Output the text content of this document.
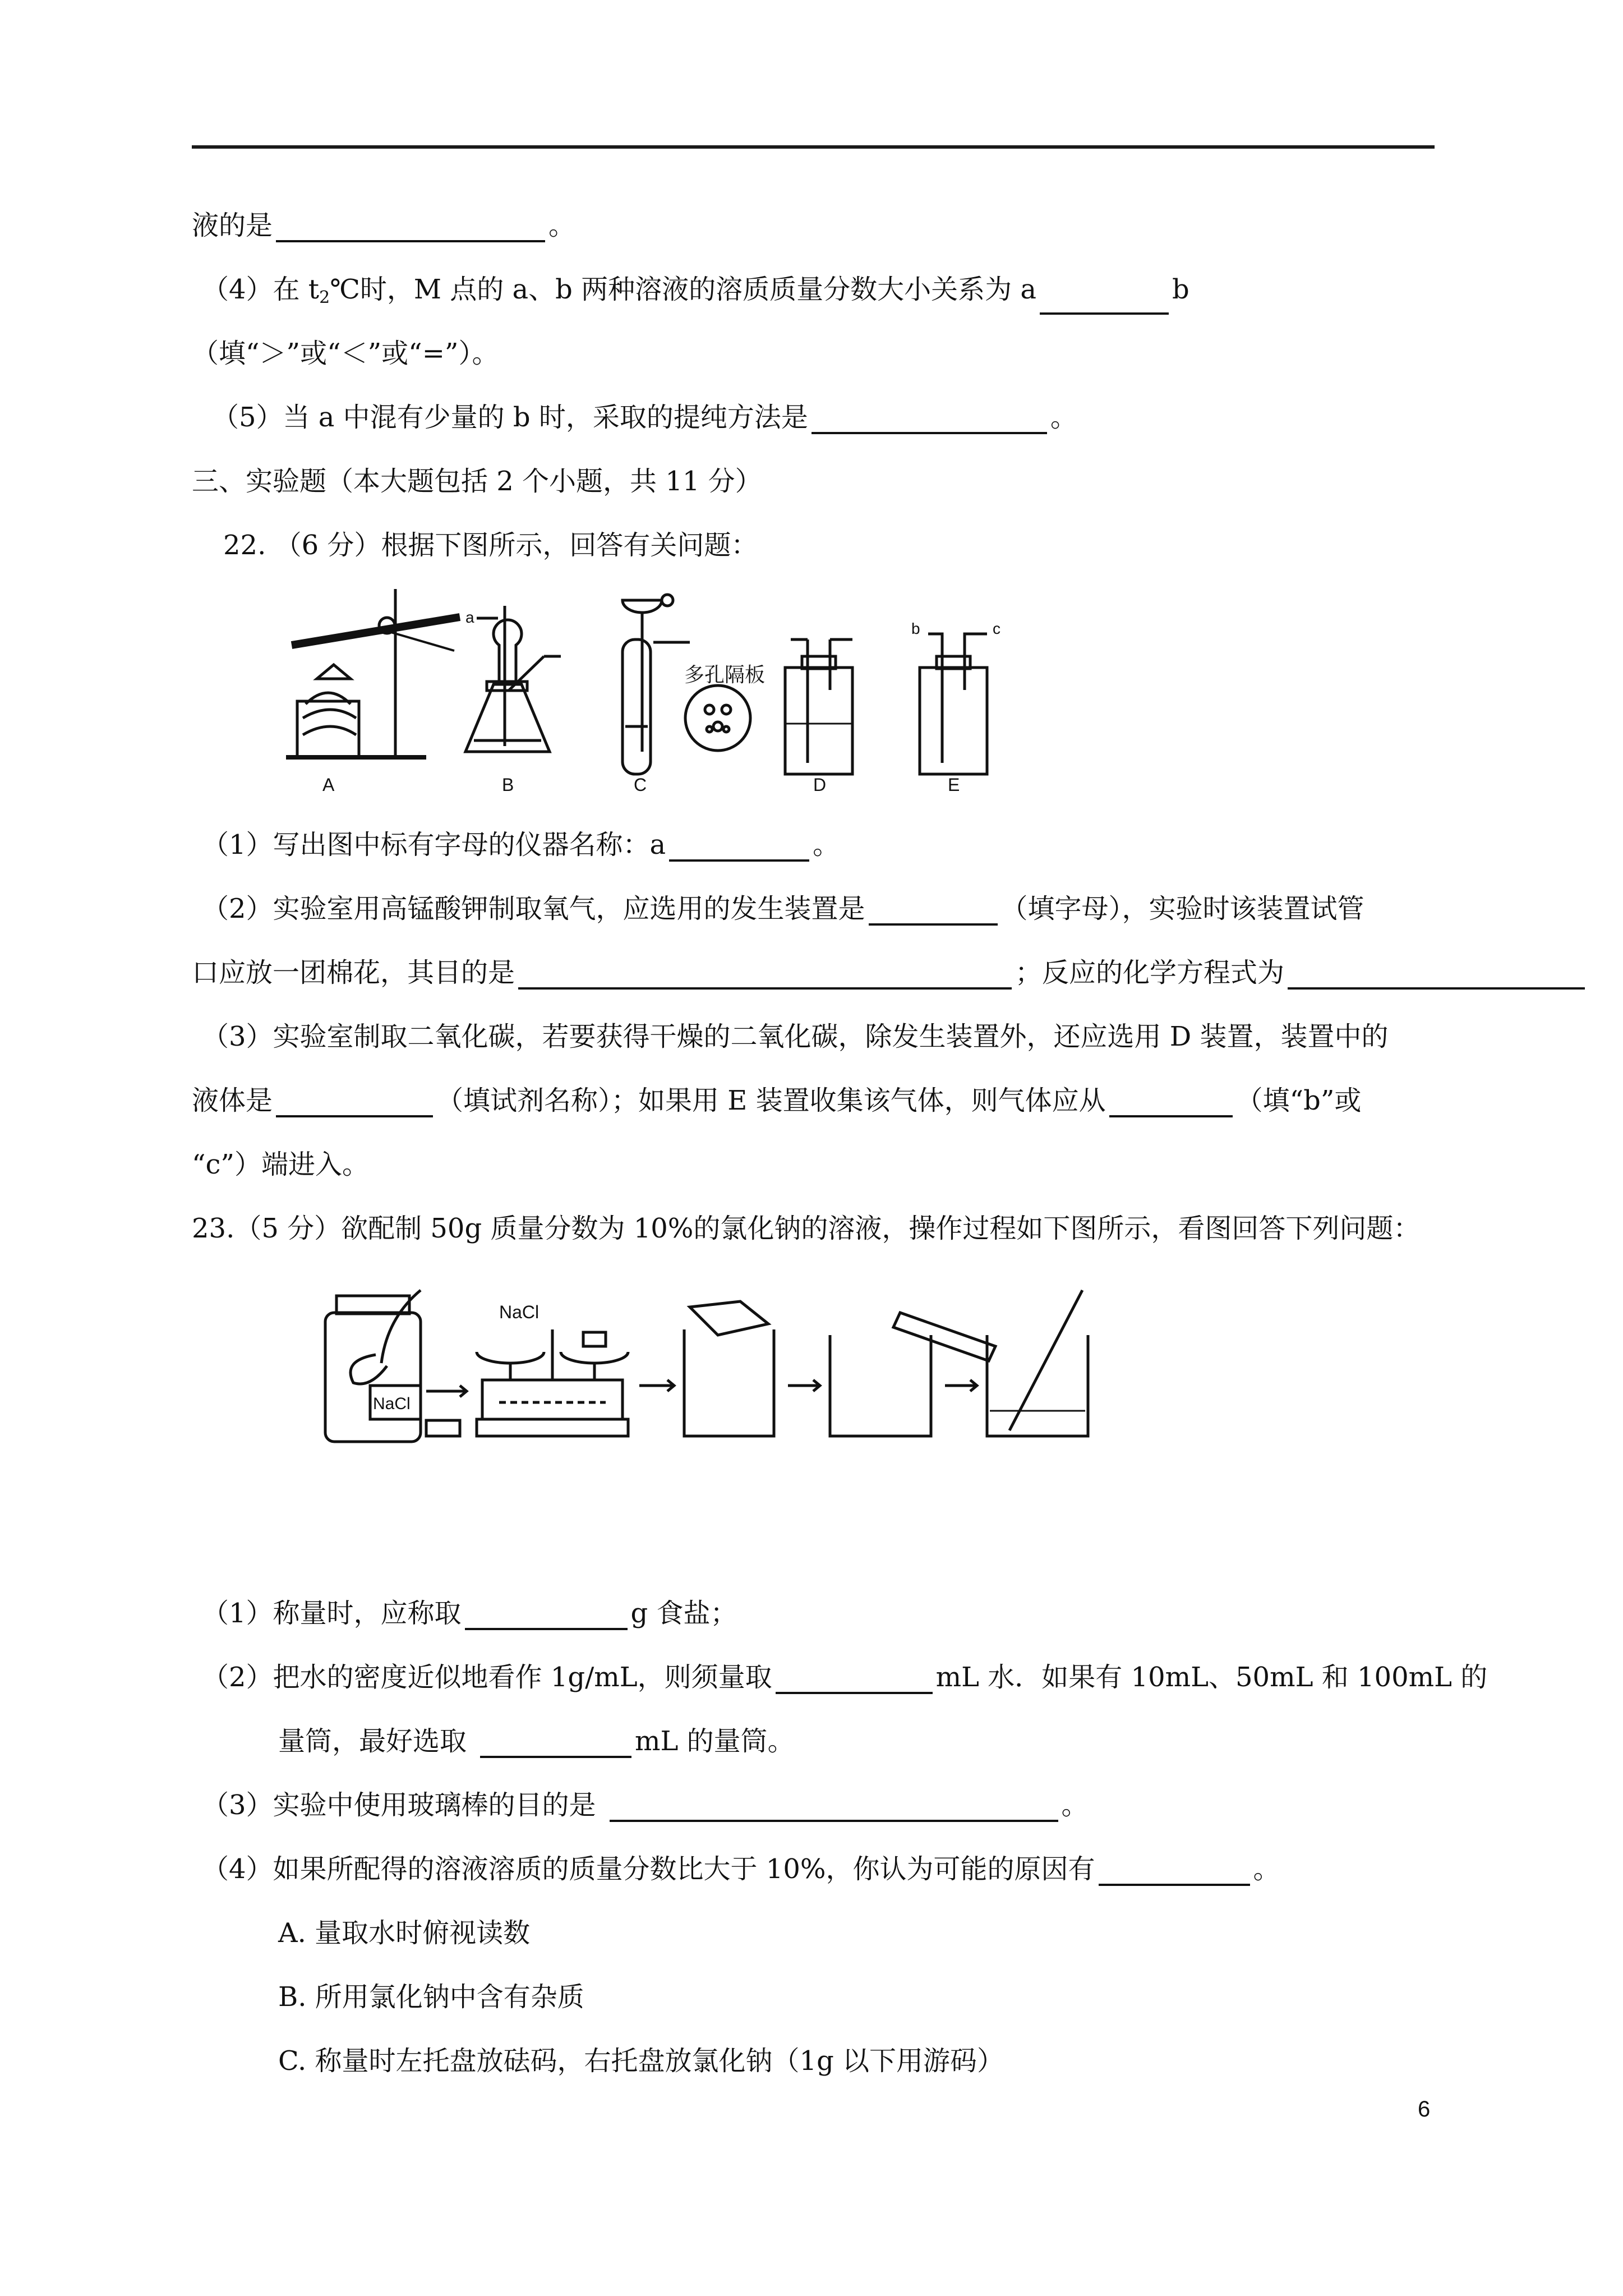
液的是	。
（4）在 $t_2℃$时，M 点的 a、b 两种溶液的溶质质量分数大小关系为 a	b
（填“＞”或“＜”或“=”）。
（5）当 a 中混有少量的 b 时，采取的提纯方法是	。
三、实验题（本大题包括 2 个小题，共 11 分）
22. （6 分）根据下图所示，回答有关问题：
A	B	C	D	E
a
b	c
多孔隔板
（1）写出图中标有字母的仪器名称：a	。
（2）实验室用高锰酸钾制取氧气，应选用的发生装置是	（填字母），实验时该装置试管
口应放一团棉花，其目的是	；反应的化学方程式为
（3）实验室制取二氧化碳，若要获得干燥的二氧化碳，除发生装置外，还应选用 D 装置，装置中的
液体是	（填试剂名称）；如果用 E 装置收集该气体，则气体应从	（填“b”或
“c”）端进入。
23.（5 分）欲配制 50g 质量分数为 10%的氯化钠的溶液，操作过程如下图所示，看图回答下列问题：
NaCl
NaCl
（1）称量时，应称取	g 食盐；
（2）把水的密度近似地看作 1g/mL，则须量取	mL 水．如果有 10mL、50mL 和 100mL 的
量筒，最好选取	mL 的量筒。
（3）实验中使用玻璃棒的目的是	。
（4）如果所配得的溶液溶质的质量分数比大于 10%，你认为可能的原因有	。
A. 量取水时俯视读数
B. 所用氯化钠中含有杂质
C. 称量时左托盘放砝码，右托盘放氯化钠（1g 以下用游码）
6
